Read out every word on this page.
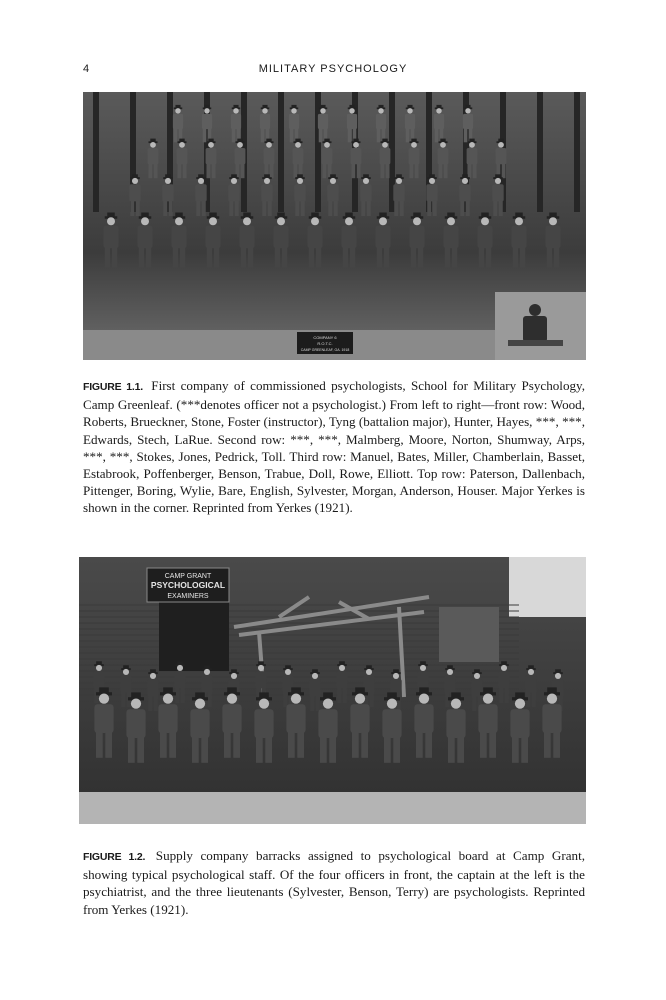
4	MILITARY PSYCHOLOGY
COMPANY 6
R.O.T.C.
CAMP GREENLEAF, GA. 1918
FIGURE 1.1. First company of commissioned psychologists, School for Military Psychology, Camp Greenleaf. (***denotes officer not a psychologist.) From left to right—front row: Wood, Roberts, Brueckner, Stone, Foster (instructor), Tyng (battalion major), Hunter, Hayes, ***, ***, Edwards, Stech, LaRue. Second row: ***, ***, Malmberg, Moore, Norton, Shumway, Arps, ***, ***, Stokes, Jones, Pedrick, Toll. Third row: Manuel, Bates, Miller, Chamberlain, Basset, Estabrook, Poffenberger, Benson, Trabue, Doll, Rowe, Elliott. Top row: Paterson, Dallenbach, Pittenger, Boring, Wylie, Bare, English, Sylvester, Morgan, Anderson, Houser. Major Yerkes is shown in the corner. Reprinted from Yerkes (1921).
CAMP GRANT
PSYCHOLOGICAL
EXAMINERS
FIGURE 1.2. Supply company barracks assigned to psychological board at Camp Grant, showing typical psychological staff. Of the four officers in front, the captain at the left is the psychiatrist, and the three lieutenants (Sylvester, Benson, Terry) are psychologists. Reprinted from Yerkes (1921).
